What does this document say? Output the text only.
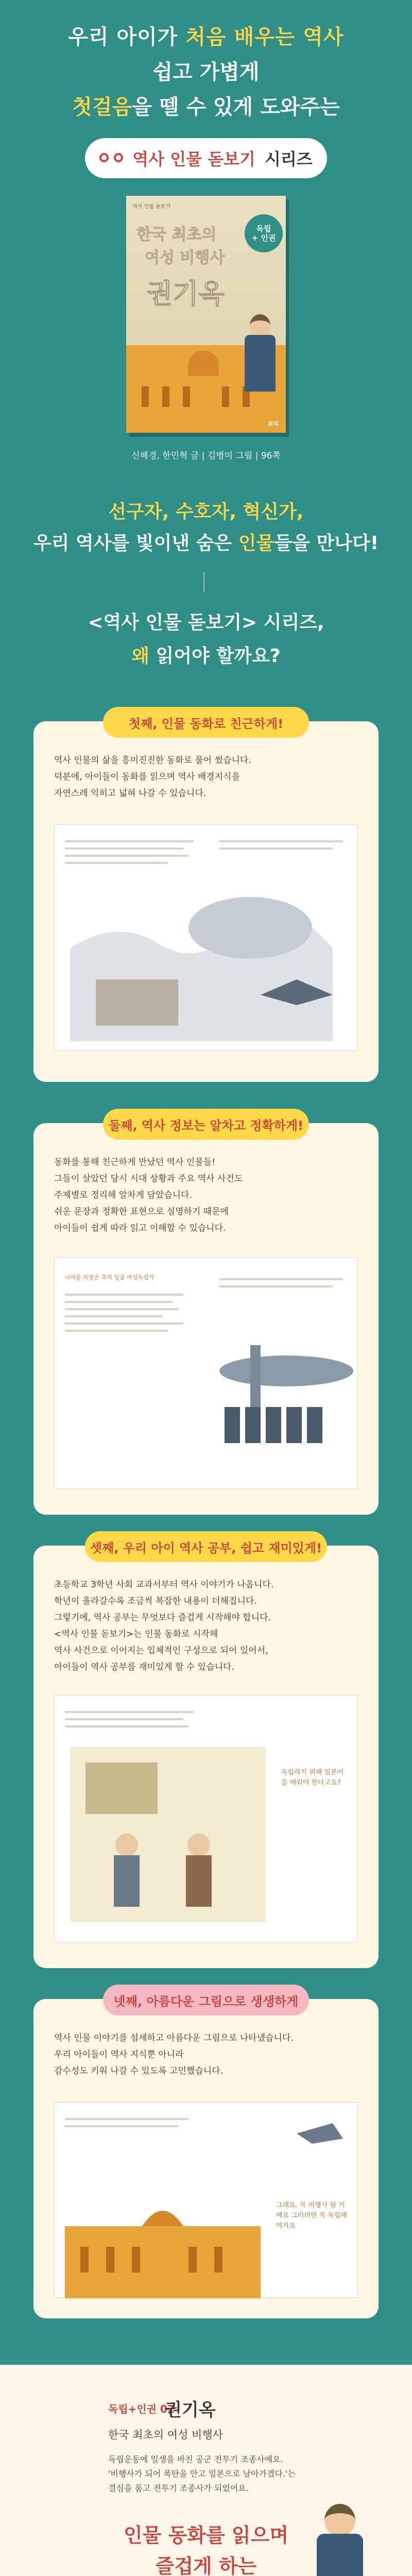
우리 아이가 처음 배우는 역사
쉽고 가볍게
첫걸음을 뗄 수 있게 도와주는
역사 인물 돋보기 시리즈
역사 인물 돋보기
한국 최초의
여성 비행사
권기옥
독립
+ 인권
보리
신혜경, 한민혁 글 | 김병미 그림 | 96쪽
선구자, 수호자, 혁신가,
우리 역사를 빛이낸 숨은 인물들을 만나다!
<역사 인물 돋보기> 시리즈,
왜 읽어야 할까요?
첫째, 인물 동화로 친근하게!
역사 인물의 삶을 흥미진진한 동화로 풀어 썼습니다.
덕분에, 아이들이 동화를 읽으며 역사 배경지식을
자연스레 익히고 넓혀 나갈 수 있습니다.
둘째, 역사 정보는 알차고 정확하게!
동화를 통해 친근하게 만났던 역사 인물들!
그들이 살았던 당시 시대 상황과 주요 역사 사건도
주제별로 정리해 알차게 담았습니다.
쉬운 문장과 정확한 표현으로 설명하기 때문에
아이들이 쉽게 따라 읽고 이해할 수 있습니다.
나라를 되찾은 후의 일곱 여성독립가
셋째, 우리 아이 역사 공부, 쉽고 재미있게!
초등학교 3학년 사회 교과서부터 역사 이야기가 나옵니다.
학년이 올라갈수록 조금씩 복잡한 내용이 더해집니다.
그렇기에, 역사 공부는 무엇보다 즐겁게 시작해야 합니다.
<역사 인물 돋보기>는 인물 동화로 시작해
역사 사건으로 이어지는 입체적인 구성으로 되어 있어서,
아이들이 역사 공부를 재미있게 할 수 있습니다.
독립하기 위해 일본어를 배워야 한다고요?
넷째, 아름다운 그림으로 생생하게
역사 인물 이야기를 섬세하고 아름다운 그림으로 나타냈습니다.
우리 아이들이 역사 지식뿐 아니라
감수성도 키워 나갈 수 있도록 고민했습니다.
그래요. 꼭 비행사 될 거예요 그러려면 꼭 독립해야지요
독립+인권 02
권기옥
한국 최초의 여성 비행사
독립운동에 일생을 바친 공군 전투기 조종사예요.
'비행사가 되어 폭탄을 안고 일본으로 날아가겠다.'는
결심을 품고 전투기 조종사가 되었어요.
인물 동화를 읽으며
즐겁게 하는
